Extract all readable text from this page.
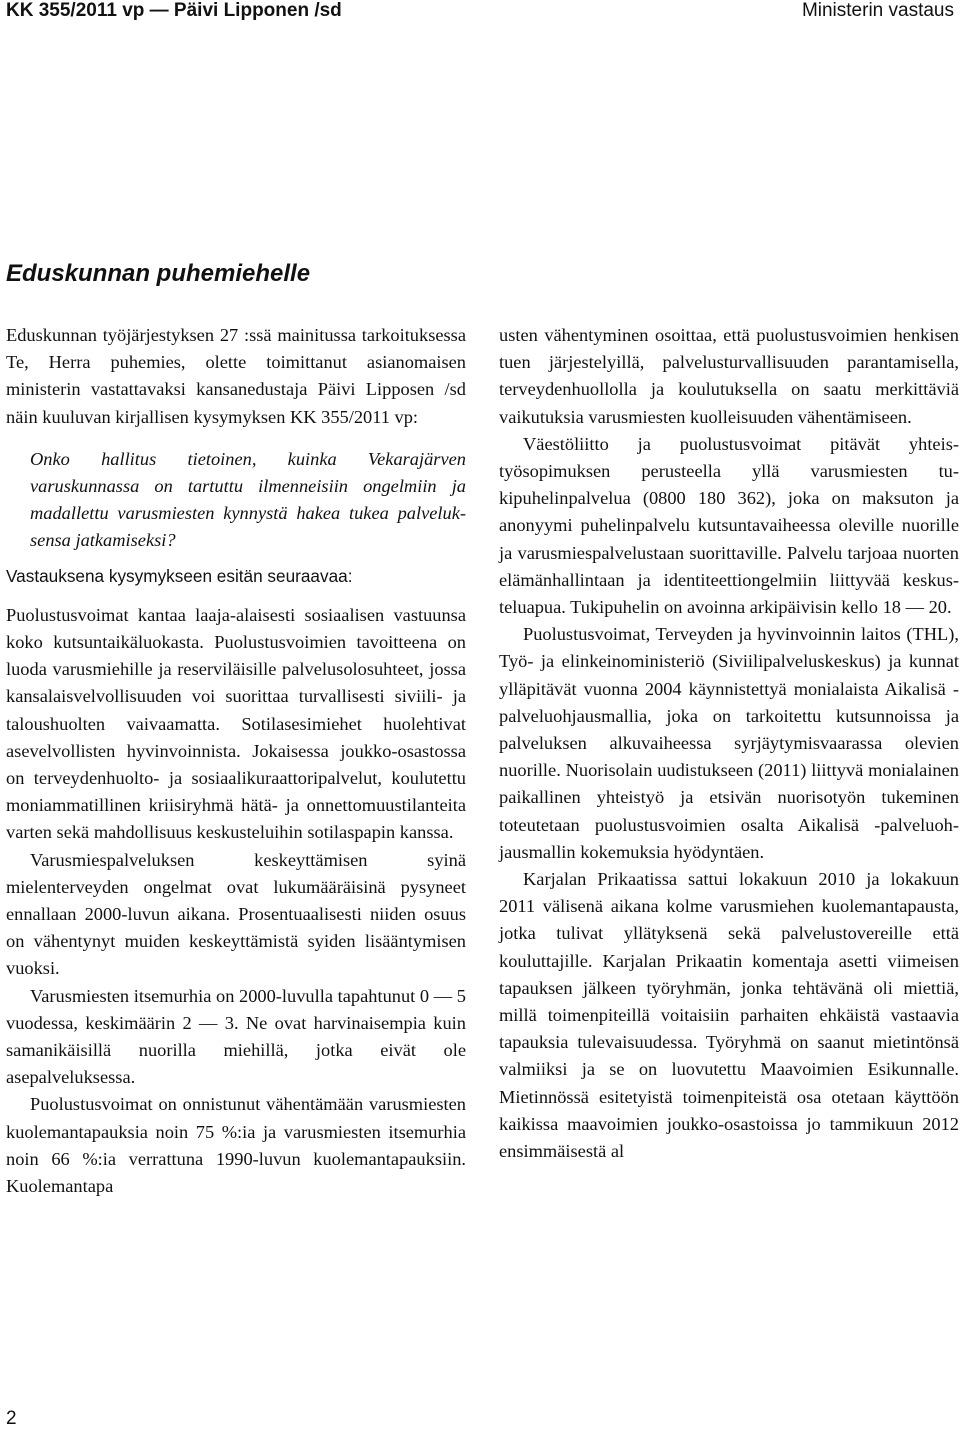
KK 355/2011 vp — Päivi Lipponen /sd	Ministerin vastaus
Eduskunnan puhemiehelle

Eduskunnan työjärjestyksen 27 :ssä mainitussa tarkoituksessa Te, Herra puhemies, olette toimittanut asianomaisen ministerin vastattavaksi kansanedustaja Päivi Lipposen /sd näin kuuluvan kirjallisen kysymyksen KK 355/2011 vp:

Onko hallitus tietoinen, kuinka Vekarajärven varuskunnassa on tartuttu ilmenneisiin ongelmiin ja madallettu varusmiesten kynnystä hakea tukea palveluksensa jatkamiseksi?

Vastauksena kysymykseen esitän seuraavaa:

Puolustusvoimat kantaa laaja-alaisesti sosiaalisen vastuunsa koko kutsuntaikäluokasta. Puolustusvoimien tavoitteena on luoda varusmiehille ja reserviläisille palvelusolosuhteet, jossa kansalaisvelvollisuuden voi suorittaa turvallisesti siviili- ja taloushuolten vaivaamatta. Sotilasesimiehet huolehtivat asevelvollisten hyvinvoinnista. Jokaisessa joukko-osastossa on terveydenhuolto- ja sosiaalikuraattoripalvelut, koulutettu moniammatillinen kriisiryhmä hätä- ja onnettomuustilanteita varten sekä mahdollisuus keskusteluihin sotilaspapin kanssa.

Varusmiespalveluksen keskeyttämisen syinä mielenterveyden ongelmat ovat lukumääräisinä pysyneet ennallaan 2000-luvun aikana. Prosentuaalisesti niiden osuus on vähentynyt muiden keskeyttämistä syiden lisääntymisen vuoksi.

Varusmiesten itsemurhia on 2000-luvulla tapahtunut 0 — 5 vuodessa, keskimäärin 2 — 3. Ne ovat harvinaisempia kuin samanikäisillä nuorilla miehillä, jotka eivät ole asepalveluksessa.

Puolustusvoimat on onnistunut vähentämään varusmiesten kuolemantapauksia noin 75 %:ia ja varusmiesten itsemurhia noin 66 %:ia verrattuna 1990-luvun kuolemantapauksiin. Kuolemantapa

usten vähentyminen osoittaa, että puolustusvoimien henkisen tuen järjestelyillä, palvelusturvallisuuden parantamisella, terveydenhuollolla ja koulutuksella on saatu merkittäviä vaikutuksia varusmiesten kuolleisuuden vähentämiseen.

Väestöliitto ja puolustusvoimat pitävät yhteistyösopimuksen perusteella yllä varusmiesten tukipuhelinpalvelua (0800 180 362), joka on maksuton ja anonyymi puhelinpalvelu kutsuntavaiheessa oleville nuorille ja varusmiespalvelustaan suorittaville. Palvelu tarjoaa nuorten elämänhallintaan ja identiteettiongelmiin liittyvää keskusteluapua. Tukipuhelin on avoinna arkipäivisin kello 18 — 20.

Puolustusvoimat, Terveyden ja hyvinvoinnin laitos (THL), Työ- ja elinkeinoministeriö (Siviilipalveluskeskus) ja kunnat ylläpitävät vuonna 2004 käynnistettyä monialaista Aikalisä -palveluohjausmallia, joka on tarkoitettu kutsunnoissa ja palveluksen alkuvaiheessa syrjäytymisvaarassa olevien nuorille. Nuorisolain uudistukseen (2011) liittyvä monialainen paikallinen yhteistyö ja etsivän nuorisotyön tukeminen toteutetaan puolustusvoimien osalta Aikalisä -palveluohjausmallin kokemuksia hyödyntäen.

Karjalan Prikaatissa sattui lokakuun 2010 ja lokakuun 2011 välisenä aikana kolme varusmiehen kuolemantapausta, jotka tulivat yllätyksenä sekä palvelustovereille että kouluttajille. Karjalan Prikaatin komentaja asetti viimeisen tapauksen jälkeen työryhmän, jonka tehtävänä oli miettiä, millä toimenpiteillä voitaisiin parhaiten ehkäistä vastaavia tapauksia tulevaisuudessa. Työryhmä on saanut mietintönsä valmiiksi ja se on luovutettu Maavoimien Esikunnalle. Mietinnössä esitetyistä toimenpiteistä osa otetaan käyttöön kaikissa maavoimien joukko-osastoissa jo tammikuun 2012 ensimmäisestä al

2
